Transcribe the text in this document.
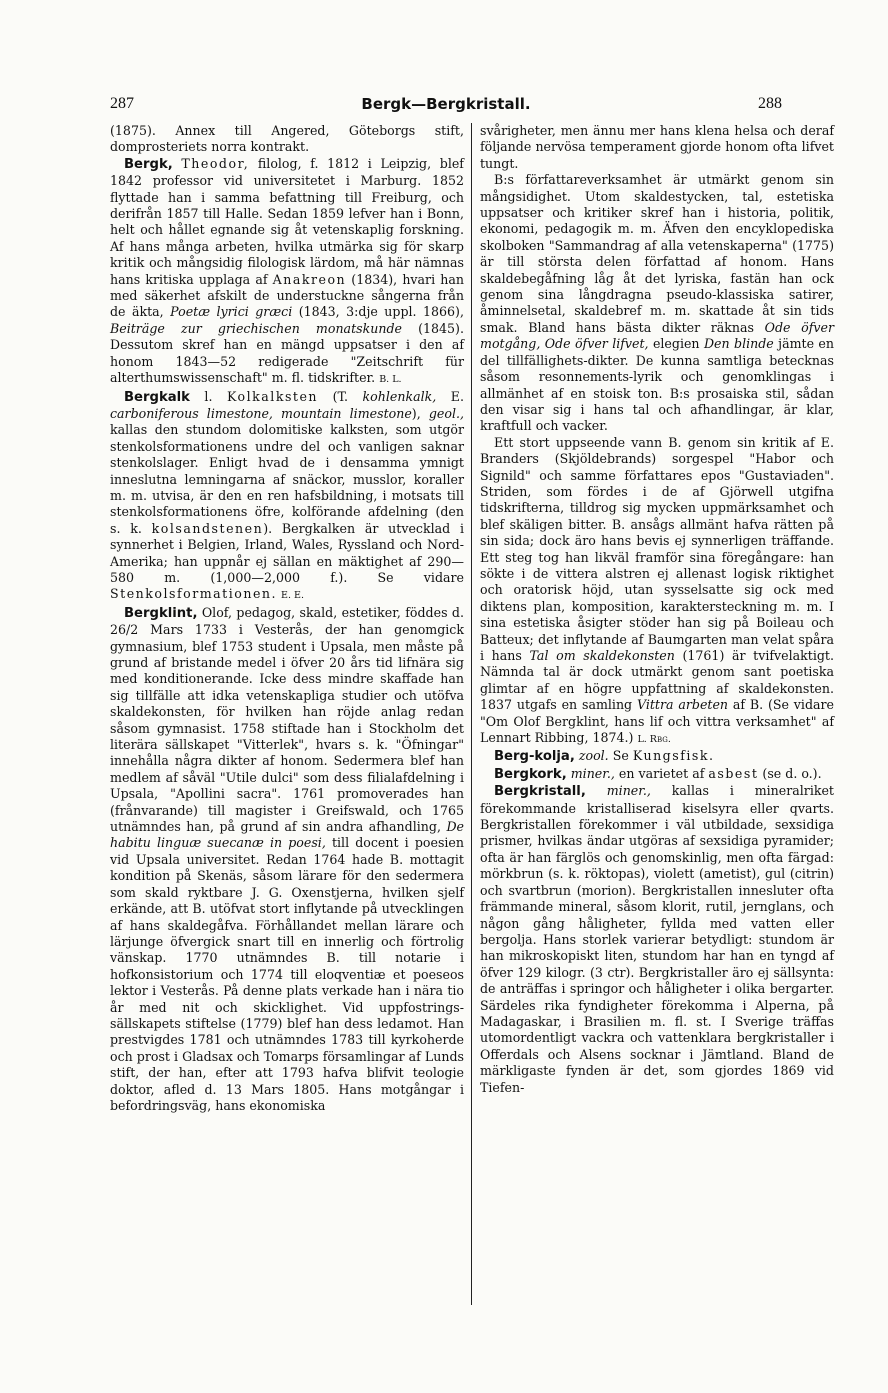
287	Bergk—Bergkristall.	288

(1875). Annex till Angered, Göteborgs stift, domprosteriets norra kontrakt.

Bergk, Theodor, filolog, f. 1812 i Leipzig, blef 1842 professor vid universitetet i Marburg. 1852 flyttade han i samma befattning till Freiburg, och derifrån 1857 till Halle. Sedan 1859 lefver han i Bonn, helt och hållet egnande sig åt vetenskaplig forskning. Af hans många arbeten, hvilka utmärka sig för skarp kritik och mångsidig filologisk lärdom, må här nämnas hans kritiska upplaga af Anakreon (1834), hvari han med säkerhet afskilt de understuckne sångerna från de äkta, Poetæ lyrici græci (1843, 3:dje uppl. 1866), Beiträge zur griechischen monatskunde (1845). Dessutom skref han en mängd uppsatser i den af honom 1843—52 redigerade "Zeitschrift für alterthumswissenschaft" m. fl. tidskrifter. B. L.

Bergkalk l. Kolkalksten (T. kohlenkalk, E. carboniferous limestone, mountain limestone), geol., kallas den stundom dolomitiske kalksten, som utgör stenkolsformationens undre del och vanligen saknar stenkolslager. Enligt hvad de i densamma ymnigt inneslutna lemningarna af snäckor, musslor, koraller m. m. utvisa, är den en ren hafsbildning, i motsats till stenkolsformationens öfre, kolförande afdelning (den s. k. kolsandstenen). Bergkalken är utvecklad i synnerhet i Belgien, Irland, Wales, Ryssland och Nord-Amerika; han uppnår ej sällan en mäktighet af 290—580 m. (1,000—2,000 f.). Se vidare Stenkolsformationen. E. E.

Bergklint, Olof, pedagog, skald, estetiker, föddes d. 26/2 Mars 1733 i Vesterås, der han genomgick gymnasium, blef 1753 student i Upsala, men måste på grund af bristande medel i öfver 20 års tid lifnära sig med konditionerande. Icke dess mindre skaffade han sig tillfälle att idka vetenskapliga studier och utöfva skaldekonsten, för hvilken han röjde anlag redan såsom gymnasist. 1758 stiftade han i Stockholm det literära sällskapet "Vitterlek", hvars s. k. "Öfningar" innehålla några dikter af honom. Sedermera blef han medlem af såväl "Utile dulci" som dess filialafdelning i Upsala, "Apollini sacra". 1761 promoverades han (frånvarande) till magister i Greifswald, och 1765 utnämndes han, på grund af sin andra afhandling, De habitu linguæ suecanæ in poesi, till docent i poesien vid Upsala universitet. Redan 1764 hade B. mottagit kondition på Skenäs, såsom lärare för den sedermera som skald ryktbare J. G. Oxenstjerna, hvilken sjelf erkände, att B. utöfvat stort inflytande på utvecklingen af hans skaldegåfva. Förhållandet mellan lärare och lärjunge öfvergick snart till en innerlig och förtrolig vänskap. 1770 utnämndes B. till notarie i hofkonsistorium och 1774 till eloqventiæ et poeseos lektor i Vesterås. På denne plats verkade han i nära tio år med nit och skicklighet. Vid uppfostrings-sällskapets stiftelse (1779) blef han dess ledamot. Han prestvigdes 1781 och utnämndes 1783 till kyrkoherde och prost i Gladsax och Tomarps församlingar af Lunds stift, der han, efter att 1793 hafva blifvit teologie doktor, afled d. 13 Mars 1805. Hans motgångar i befordringsväg, hans ekonomiska

svårigheter, men ännu mer hans klena helsa och deraf följande nervösa temperament gjorde honom ofta lifvet tungt.

B:s författareverksamhet är utmärkt genom sin mångsidighet. Utom skaldestycken, tal, estetiska uppsatser och kritiker skref han i historia, politik, ekonomi, pedagogik m. m. Äfven den encyklopediska skolboken "Sammandrag af alla vetenskaperna" (1775) är till största delen författad af honom. Hans skaldebegåfning låg åt det lyriska, fastän han ock genom sina långdragna pseudo-klassiska satirer, åminnelsetal, skaldebref m. m. skattade åt sin tids smak. Bland hans bästa dikter räknas Ode öfver motgång, Ode öfver lifvet, elegien Den blinde jämte en del tillfällighets-dikter. De kunna samtliga betecknas såsom resonnements-lyrik och genomklingas i allmänhet af en stoisk ton. B:s prosaiska stil, sådan den visar sig i hans tal och afhandlingar, är klar, kraftfull och vacker.

Ett stort uppseende vann B. genom sin kritik af E. Branders (Skjöldebrands) sorgespel "Habor och Signild" och samme författares epos "Gustaviaden". Striden, som fördes i de af Gjörwell utgifna tidskrifterna, tilldrog sig mycken uppmärksamhet och blef skäligen bitter. B. ansågs allmänt hafva rätten på sin sida; dock äro hans bevis ej synnerligen träffande. Ett steg tog han likväl framför sina föregångare: han sökte i de vitterа alstren ej allenast logisk riktighet och oratorisk höjd, utan sysselsatte sig ock med diktens plan, komposition, karaktersteckning m. m. I sina estetiska åsigter stöder han sig på Boileau och Batteux; det inflytande af Baumgarten man velat spåra i hans Tal om skaldekonsten (1761) är tvifvelaktigt. Nämnda tal är dock utmärkt genom sant poetiska glimtar af en högre uppfattning af skaldekonsten. 1837 utgafs en samling Vittra arbeten af B. (Se vidare "Om Olof Bergklint, hans lif och vittra verksamhet" af Lennart Ribbing, 1874.) L. Rbg.

Berg-kolja, zool. Se Kungsfisk.

Bergkork, miner., en varietet af asbest (se d. o.).

Bergkristall, miner., kallas i mineralriket förekommande kristalliserad kiselsyra eller qvarts. Bergkristallen förekommer i väl utbildade, sexsidiga prismer, hvilkas ändar utgöras af sexsidiga pyramider; ofta är han färglös och genomskinlig, men ofta färgad: mörkbrun (s. k. röktopas), violett (ametist), gul (citrin) och svartbrun (morion). Bergkristallen innesluter ofta främmande mineral, såsom klorit, rutil, jernglans, och någon gång håligheter, fyllda med vatten eller bergolja. Hans storlek varierar betydligt: stundom är han mikroskopiskt liten, stundom har han en tyngd af öfver 129 kilogr. (3 ctr). Bergkristaller äro ej sällsynta: de anträffas i springor och håligheter i olika bergarter. Särdeles rika fyndigheter förekomma i Alperna, på Madagaskar, i Brasilien m. fl. st. I Sverige träffas utomordentligt vackra och vattenklara bergkristaller i Offerdals och Alsens socknar i Jämtland. Bland de märkligaste fynden är det, som gjordes 1869 vid Tiefen-
